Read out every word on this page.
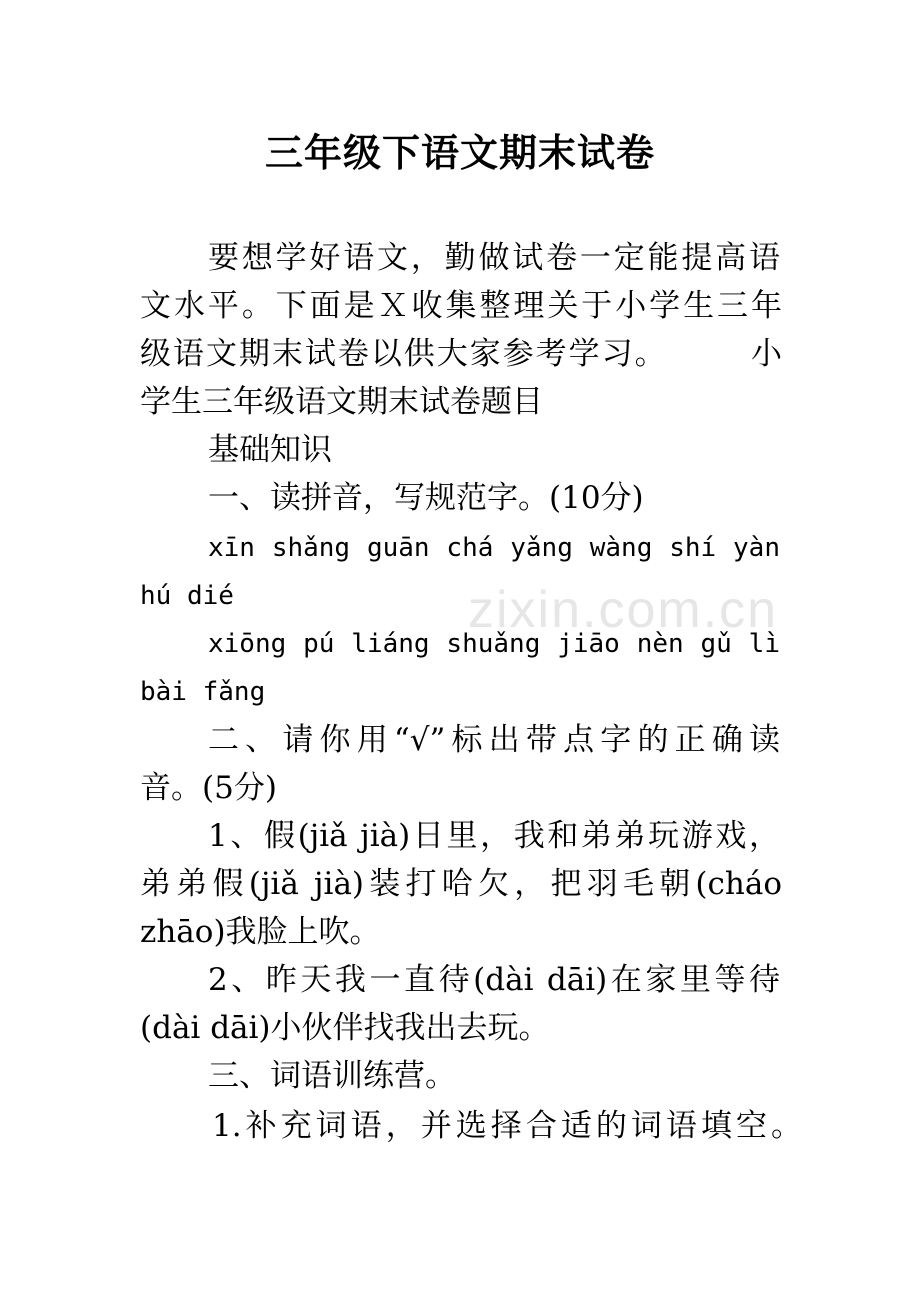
三年级下语文期末试卷
zixin.com.cn
要想学好语文，勤做试卷一定能提高语
文水平。下面是Ｘ收集整理关于小学生三年
级语文期末试卷以供大家参考学习。　　　小
学生三年级语文期末试卷题目
基础知识
一、读拼音，写规范字。(10分)
xīn shǎng guān chá yǎng wàng shí yàn
hú dié
xiōng pú liáng shuǎng jiāo nèn gǔ lì
bài fǎng
二、请你用“√”标出带点字的正确读
音。(5分)
1、假(jiǎ jià)日里，我和弟弟玩游戏，
弟弟假(jiǎ jià)装打哈欠，把羽毛朝(cháo
zhāo)我脸上吹。
2、昨天我一直待(dài dāi)在家里等待
(dài dāi)小伙伴找我出去玩。
三、词语训练营。
1.补充词语，并选择合适的词语填空。
